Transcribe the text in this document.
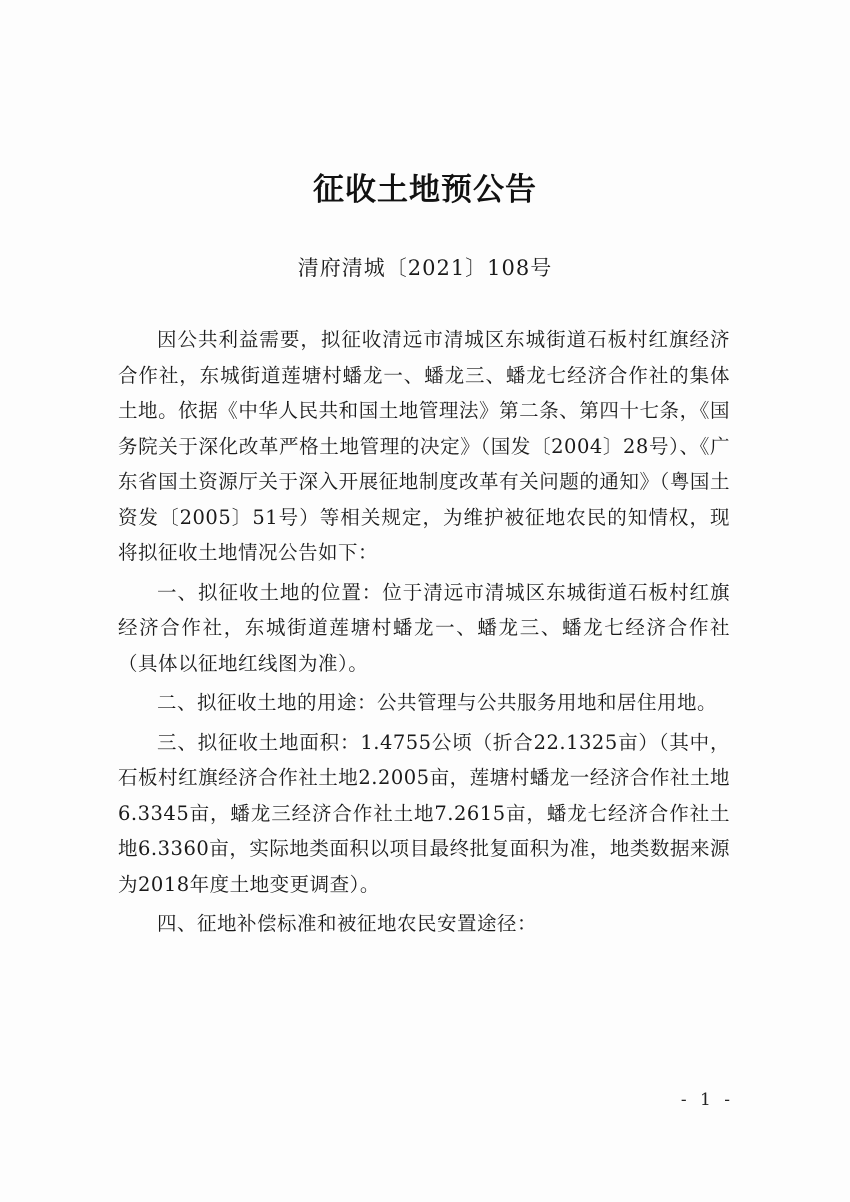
征收土地预公告
清府清城〔2021〕108号

因公共利益需要，拟征收清远市清城区东城街道石板村红旗经济合作社，东城街道莲塘村蟠龙一、蟠龙三、蟠龙七经济合作社的集体土地。依据《中华人民共和国土地管理法》第二条、第四十七条，《国务院关于深化改革严格土地管理的决定》（国发〔2004〕28号）、《广东省国土资源厅关于深入开展征地制度改革有关问题的通知》（粤国土资发〔2005〕51号）等相关规定，为维护被征地农民的知情权，现将拟征收土地情况公告如下：

一、拟征收土地的位置：位于清远市清城区东城街道石板村红旗经济合作社，东城街道莲塘村蟠龙一、蟠龙三、蟠龙七经济合作社（具体以征地红线图为准）。

二、拟征收土地的用途：公共管理与公共服务用地和居住用地。

三、拟征收土地面积：1.4755公顷（折合22.1325亩）（其中，石板村红旗经济合作社土地2.2005亩，莲塘村蟠龙一经济合作社土地6.3345亩，蟠龙三经济合作社土地7.2615亩，蟠龙七经济合作社土地6.3360亩，实际地类面积以项目最终批复面积为准，地类数据来源为2018年度土地变更调查）。

四、征地补偿标准和被征地农民安置途径：

- 1 -
